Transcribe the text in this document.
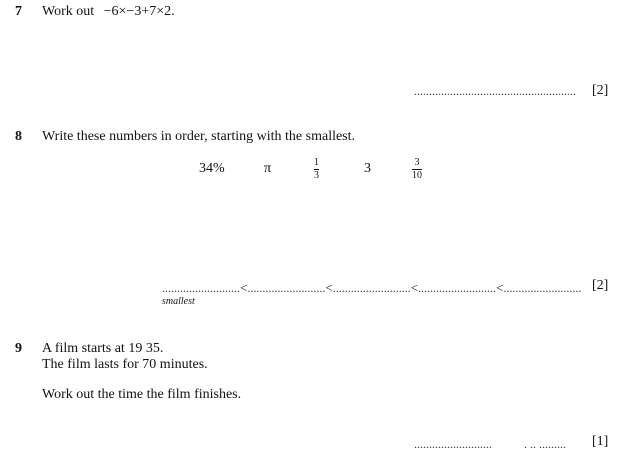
7 Work out −6×−3+7×2.
...................................................... [2]
8 Write these numbers in order, starting with the smallest.
34%	π	1
3	3	3
10
.......................... < .......................... < .......................... < .......................... < .......................... [2]
smallest
9 A film starts at 19 35.
The film lasts for 70 minutes.
Work out the time the film finishes.
..........................	. .. ......... [1]
